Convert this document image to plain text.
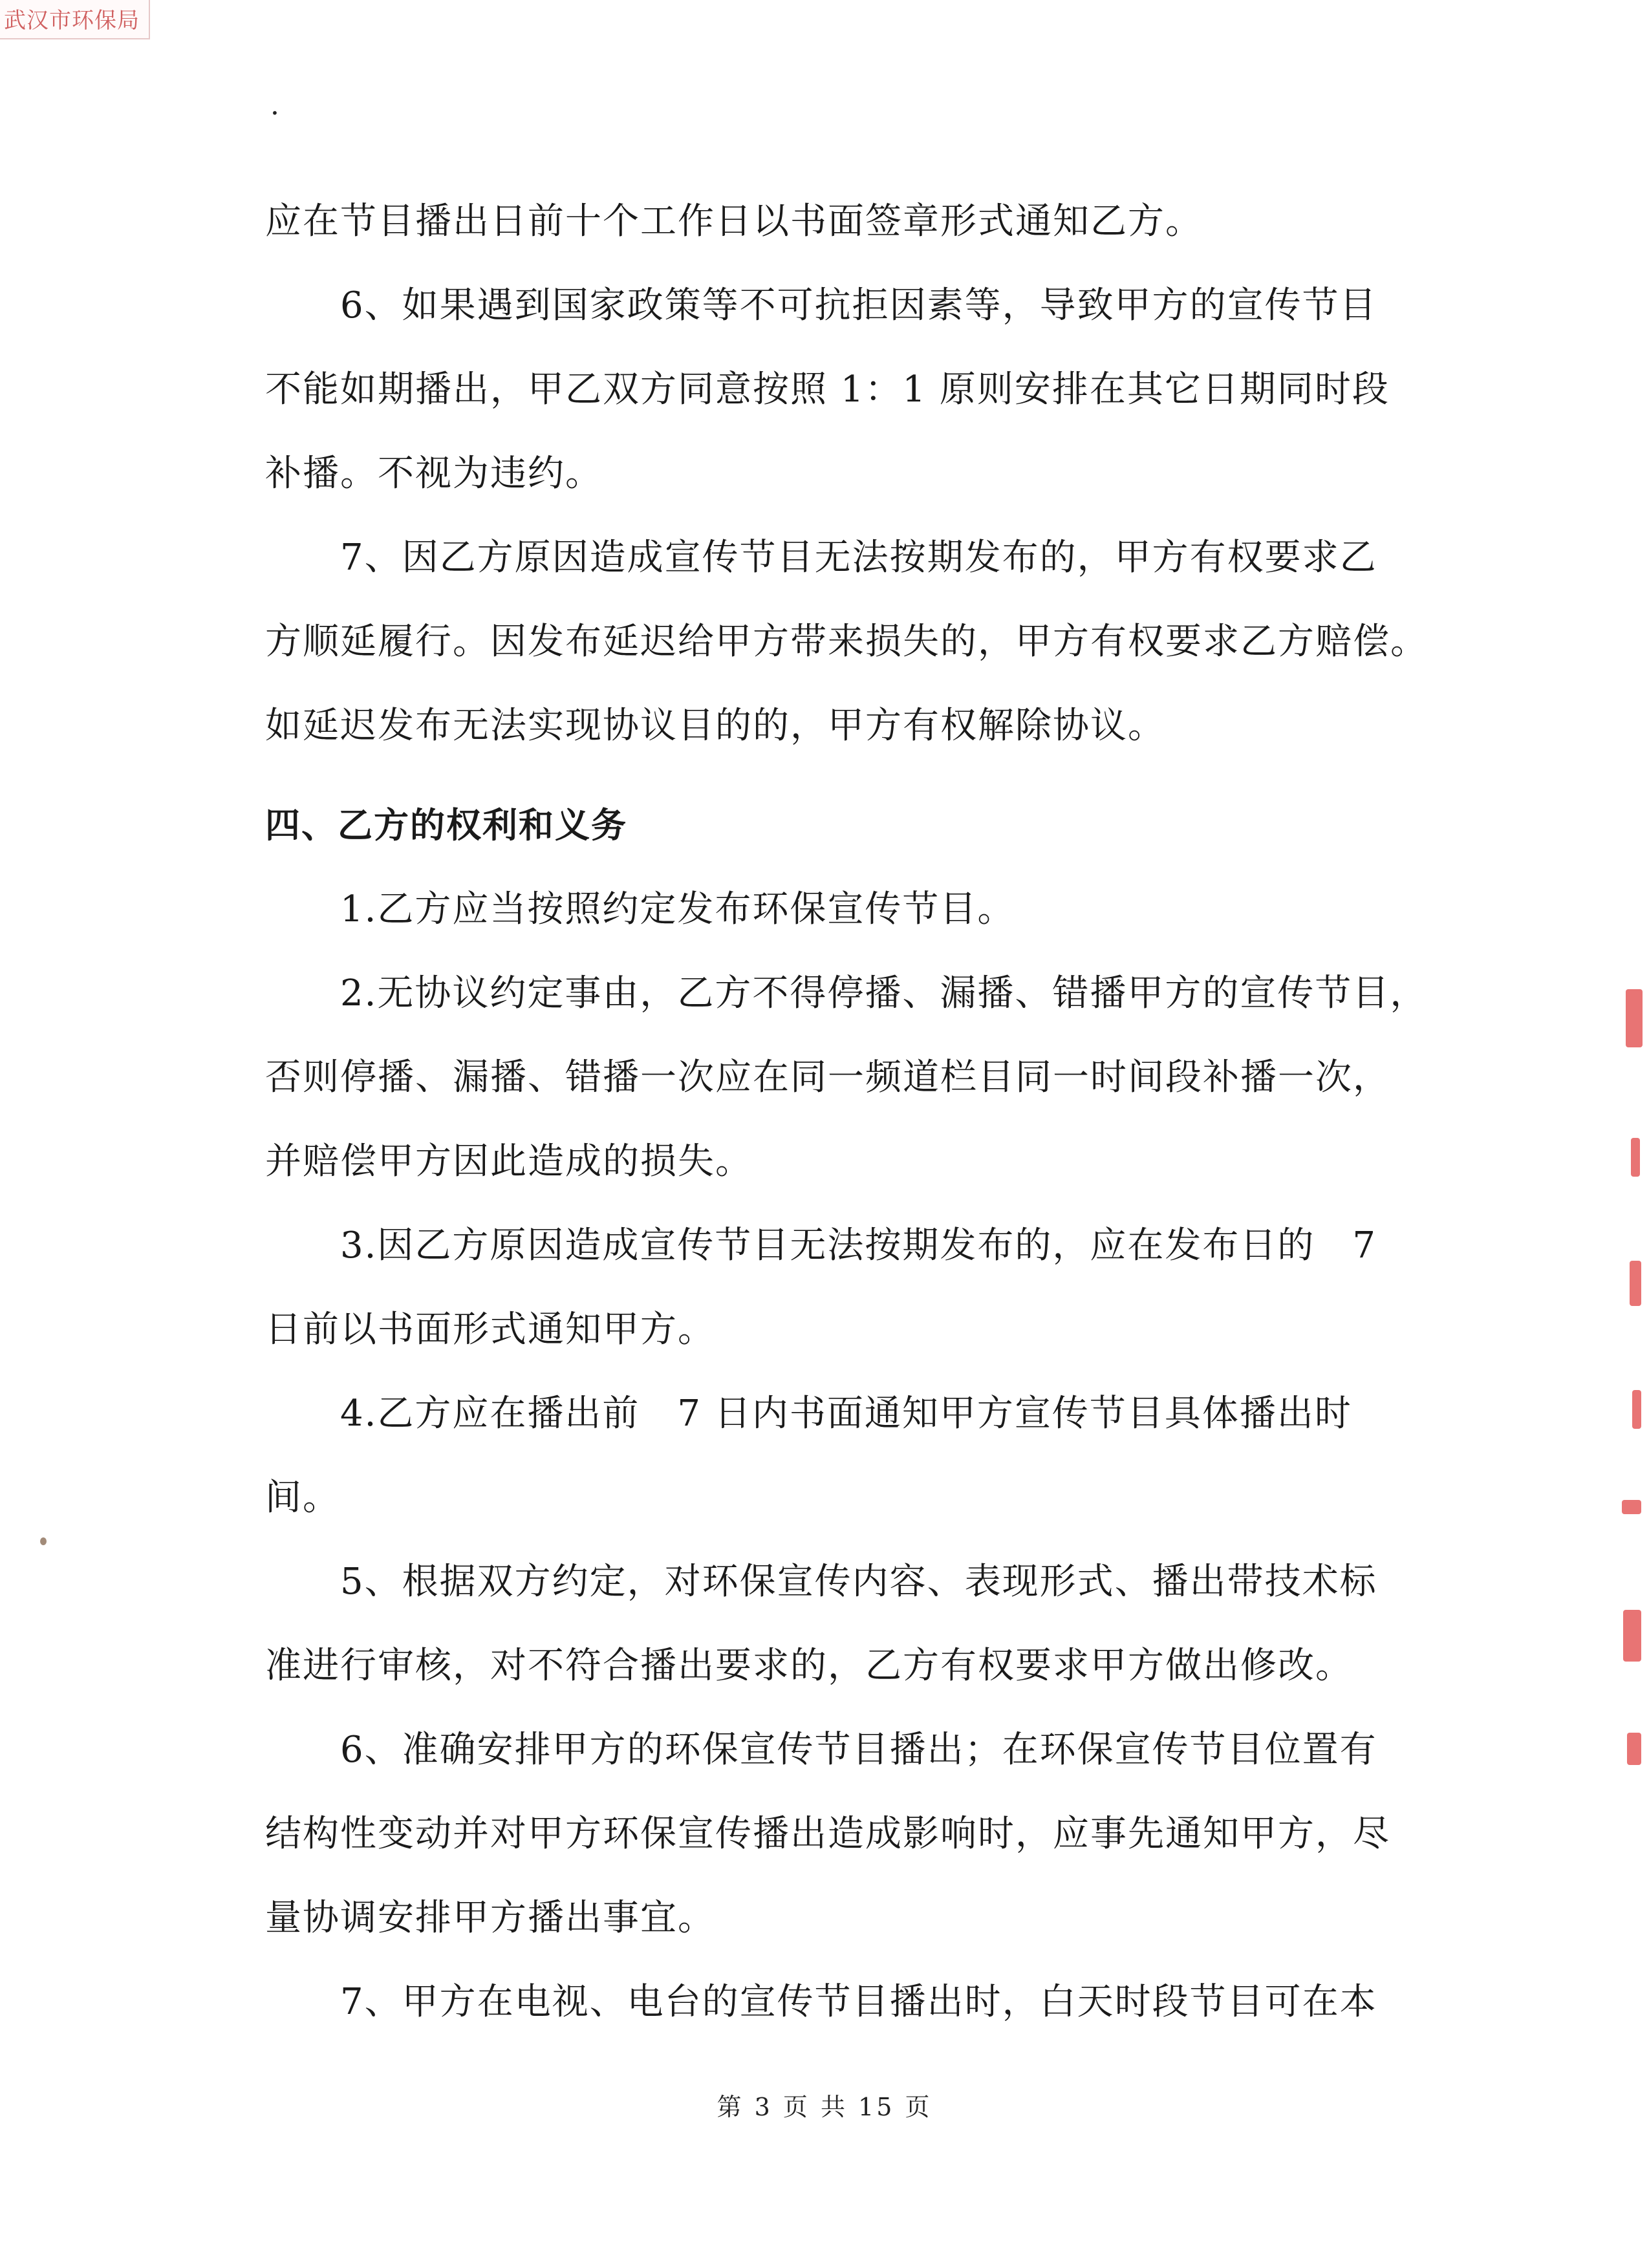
武汉市环保局
·
应在节目播出日前十个工作日以书面签章形式通知乙方。
　　6、如果遇到国家政策等不可抗拒因素等，导致甲方的宣传节目
不能如期播出，甲乙双方同意按照 1：1 原则安排在其它日期同时段
补播。不视为违约。
　　7、因乙方原因造成宣传节目无法按期发布的，甲方有权要求乙
方顺延履行。因发布延迟给甲方带来损失的，甲方有权要求乙方赔偿。
如延迟发布无法实现协议目的的，甲方有权解除协议。
四、乙方的权利和义务
　　1.乙方应当按照约定发布环保宣传节目。
　　2.无协议约定事由，乙方不得停播、漏播、错播甲方的宣传节目，
否则停播、漏播、错播一次应在同一频道栏目同一时间段补播一次，
并赔偿甲方因此造成的损失。
　　3.因乙方原因造成宣传节目无法按期发布的，应在发布日的　7
日前以书面形式通知甲方。
　　4.乙方应在播出前　7 日内书面通知甲方宣传节目具体播出时
间。
　　5、根据双方约定，对环保宣传内容、表现形式、播出带技术标
准进行审核，对不符合播出要求的，乙方有权要求甲方做出修改。
　　6、准确安排甲方的环保宣传节目播出；在环保宣传节目位置有
结构性变动并对甲方环保宣传播出造成影响时，应事先通知甲方，尽
量协调安排甲方播出事宜。
　　7、甲方在电视、电台的宣传节目播出时，白天时段节目可在本
第 3 页 共 15 页
